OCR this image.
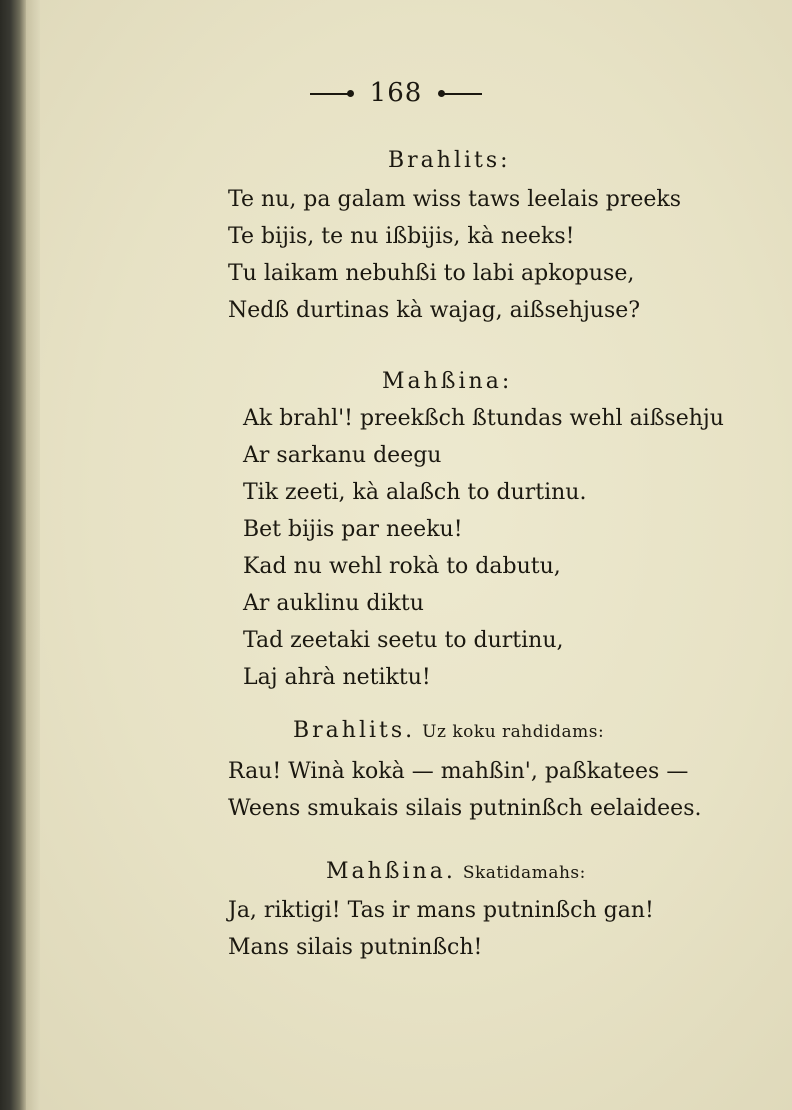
168
Brahlits:
Te nu, pa galam wiss taws leelais preeks
Te bijis, te nu ißbijis, kà neeks!
Tu laikam nebuhßi to labi apkopuse,
Nedß durtinas kà wajag, aißsehjuse?
Mahßina:
Ak brahl'! preekßch ßtundas wehl aißsehju
Ar sarkanu deegu
Tik zeeti, kà alaßch to durtinu.
Bet bijis par neeku!
Kad nu wehl rokà to dabutu,
Ar auklinu diktu
Tad zeetaki seetu to durtinu,
Laj ahrà netiktu!
Brahlits. Uz koku rahdidams:
Rau! Winà kokà — mahßin', paßkatees —
Weens smukais silais putninßch eelaidees.
Mahßina. Skatidamahs:
Ja, riktigi! Tas ir mans putninßch gan!
Mans silais putninßch!
